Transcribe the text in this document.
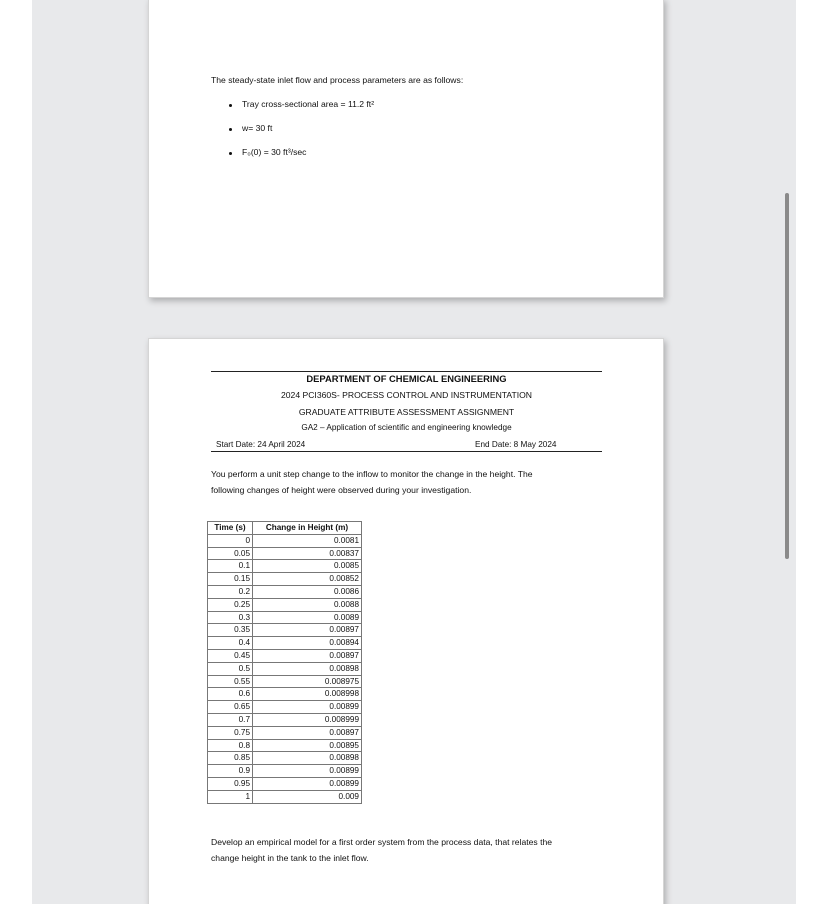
The steady-state inlet flow and process parameters are as follows:
Tray cross-sectional area = 11.2 ft²
w= 30 ft
F₀(0) = 30 ft³/sec
DEPARTMENT OF CHEMICAL ENGINEERING
2024 PCI360S- PROCESS CONTROL AND INSTRUMENTATION
GRADUATE ATTRIBUTE ASSESSMENT ASSIGNMENT
GA2 – Application of scientific and engineering knowledge
Start Date: 24 April 2024	End Date: 8 May 2024
You perform a unit step change to the inflow to monitor the change in the height. The
following changes of height were observed during your investigation.
Time (s)	Change in Height (m)
0	0.0081
0.05	0.00837
0.1	0.0085
0.15	0.00852
0.2	0.0086
0.25	0.0088
0.3	0.0089
0.35	0.00897
0.4	0.00894
0.45	0.00897
0.5	0.00898
0.55	0.008975
0.6	0.008998
0.65	0.00899
0.7	0.008999
0.75	0.00897
0.8	0.00895
0.85	0.00898
0.9	0.00899
0.95	0.00899
1	0.009
Develop an empirical model for a first order system from the process data, that relates the
change height in the tank to the inlet flow.
